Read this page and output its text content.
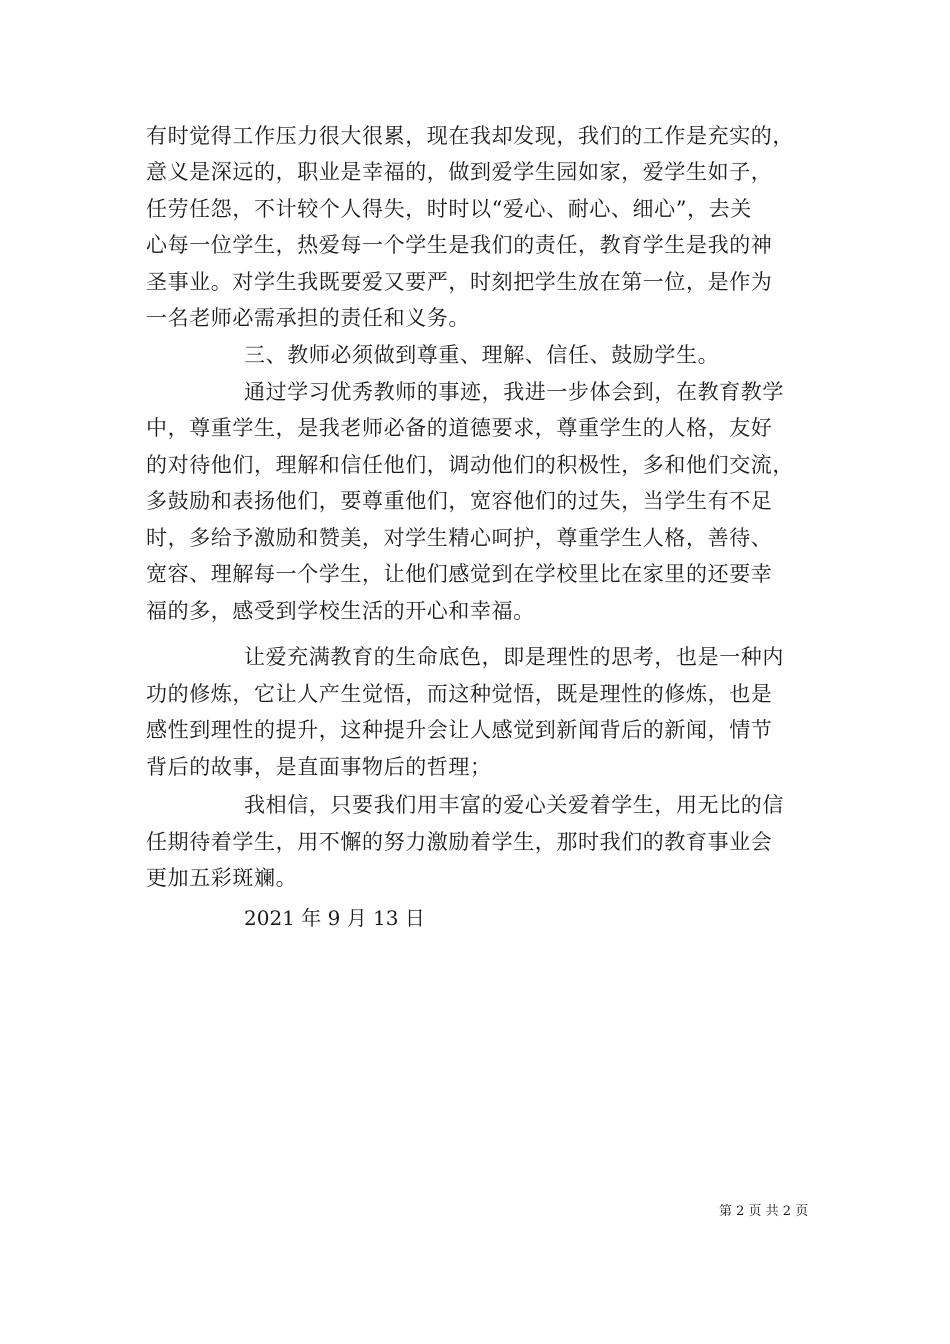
有时觉得工作压力很大很累，现在我却发现，我们的工作是充实的，
意义是深远的，职业是幸福的，做到爱学生园如家，爱学生如子，
任劳任怨，不计较个人得失，时时以“爱心、耐心、细心”，去关
心每一位学生，热爱每一个学生是我们的责任，教育学生是我的神
圣事业。对学生我既要爱又要严，时刻把学生放在第一位，是作为
一名老师必需承担的责任和义务。
三、教师必须做到尊重、理解、信任、鼓励学生。
通过学习优秀教师的事迹，我进一步体会到，在教育教学
中，尊重学生，是我老师必备的道德要求，尊重学生的人格，友好
的对待他们，理解和信任他们，调动他们的积极性，多和他们交流，
多鼓励和表扬他们，要尊重他们，宽容他们的过失，当学生有不足
时，多给予激励和赞美，对学生精心呵护，尊重学生人格，善待、
宽容、理解每一个学生，让他们感觉到在学校里比在家里的还要幸
福的多，感受到学校生活的开心和幸福。
让爱充满教育的生命底色，即是理性的思考，也是一种内
功的修炼，它让人产生觉悟，而这种觉悟，既是理性的修炼，也是
感性到理性的提升，这种提升会让人感觉到新闻背后的新闻，情节
背后的故事，是直面事物后的哲理；
我相信，只要我们用丰富的爱心关爱着学生，用无比的信
任期待着学生，用不懈的努力激励着学生，那时我们的教育事业会
更加五彩斑斓。
2021 年 9 月 13 日
第 2 页 共 2 页
